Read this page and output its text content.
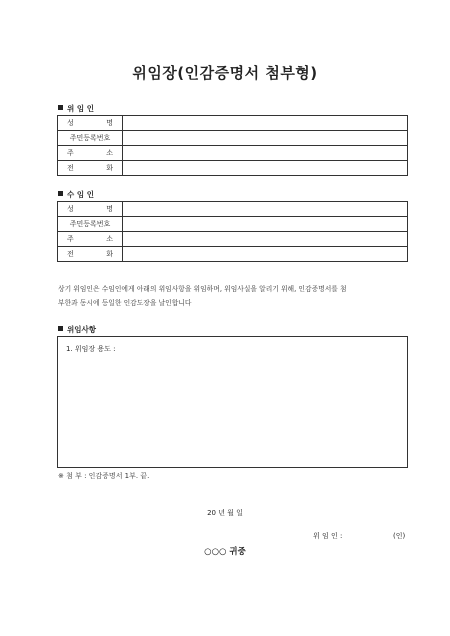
위임장(인감증명서 첨부형)
위 임 인
성 명	

주민등록번호	

주 소	

전 화	

수 임 인
성 명	

주민등록번호	

주 소	

전 화	

상기 위임인은 수임인에게 아래의 위임사항을 위임하며, 위임사실을 알리기 위해, 인감증명서를 첨
부한과 동시에 등일한 인감도장을 날인합니다
위임사항
1. 위임장 용도 :
※ 첨 부 : 인감증명서 1부. 끝.
20 년 월 일
위 임 인 :	(인)
○○○ 귀중
